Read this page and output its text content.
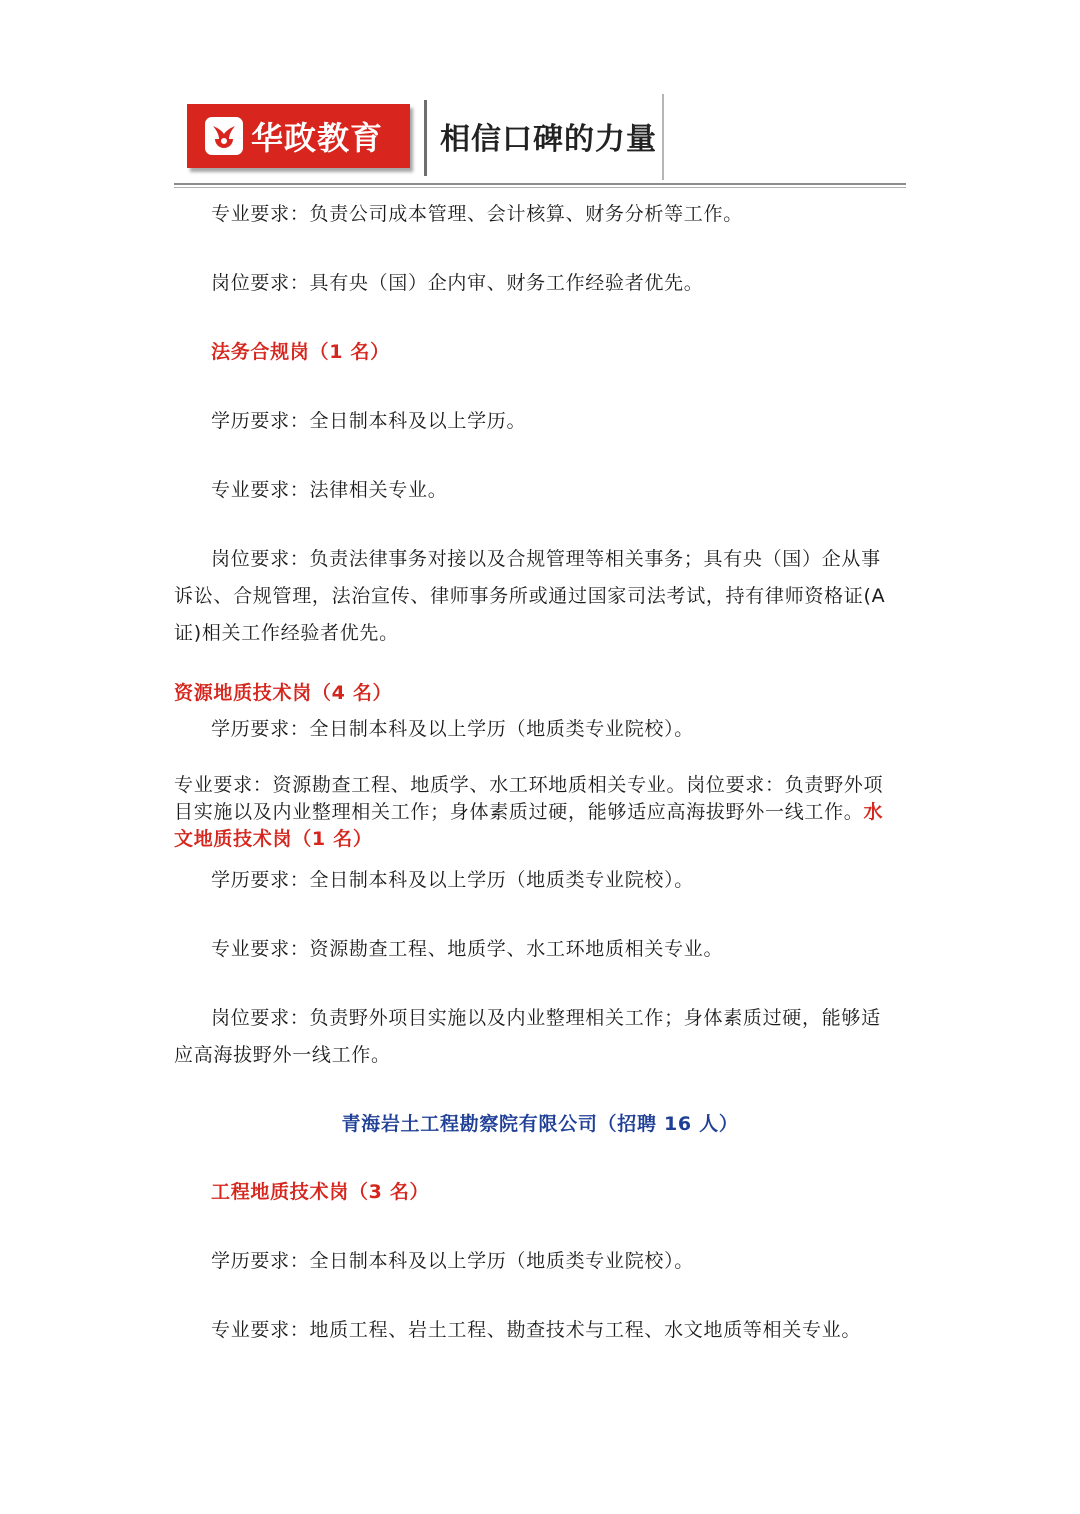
华政教育 相信口碑的力量
专业要求：负责公司成本管理、会计核算、财务分析等工作。
岗位要求：具有央（国）企内审、财务工作经验者优先。
法务合规岗（1 名）
学历要求：全日制本科及以上学历。
专业要求：法律相关专业。
岗位要求：负责法律事务对接以及合规管理等相关事务；具有央（国）企从事
诉讼、合规管理，法治宣传、律师事务所或通过国家司法考试，持有律师资格证(A
证)相关工作经验者优先。
资源地质技术岗（4 名）
学历要求：全日制本科及以上学历（地质类专业院校）。
专业要求：资源勘查工程、地质学、水工环地质相关专业。岗位要求：负责野外项
目实施以及内业整理相关工作；身体素质过硬，能够适应高海拔野外一线工作。水
文地质技术岗（1 名）
学历要求：全日制本科及以上学历（地质类专业院校）。
专业要求：资源勘查工程、地质学、水工环地质相关专业。
岗位要求：负责野外项目实施以及内业整理相关工作；身体素质过硬，能够适
应高海拔野外一线工作。
青海岩土工程勘察院有限公司（招聘 16 人）
工程地质技术岗（3 名）
学历要求：全日制本科及以上学历（地质类专业院校）。
专业要求：地质工程、岩土工程、勘查技术与工程、水文地质等相关专业。
